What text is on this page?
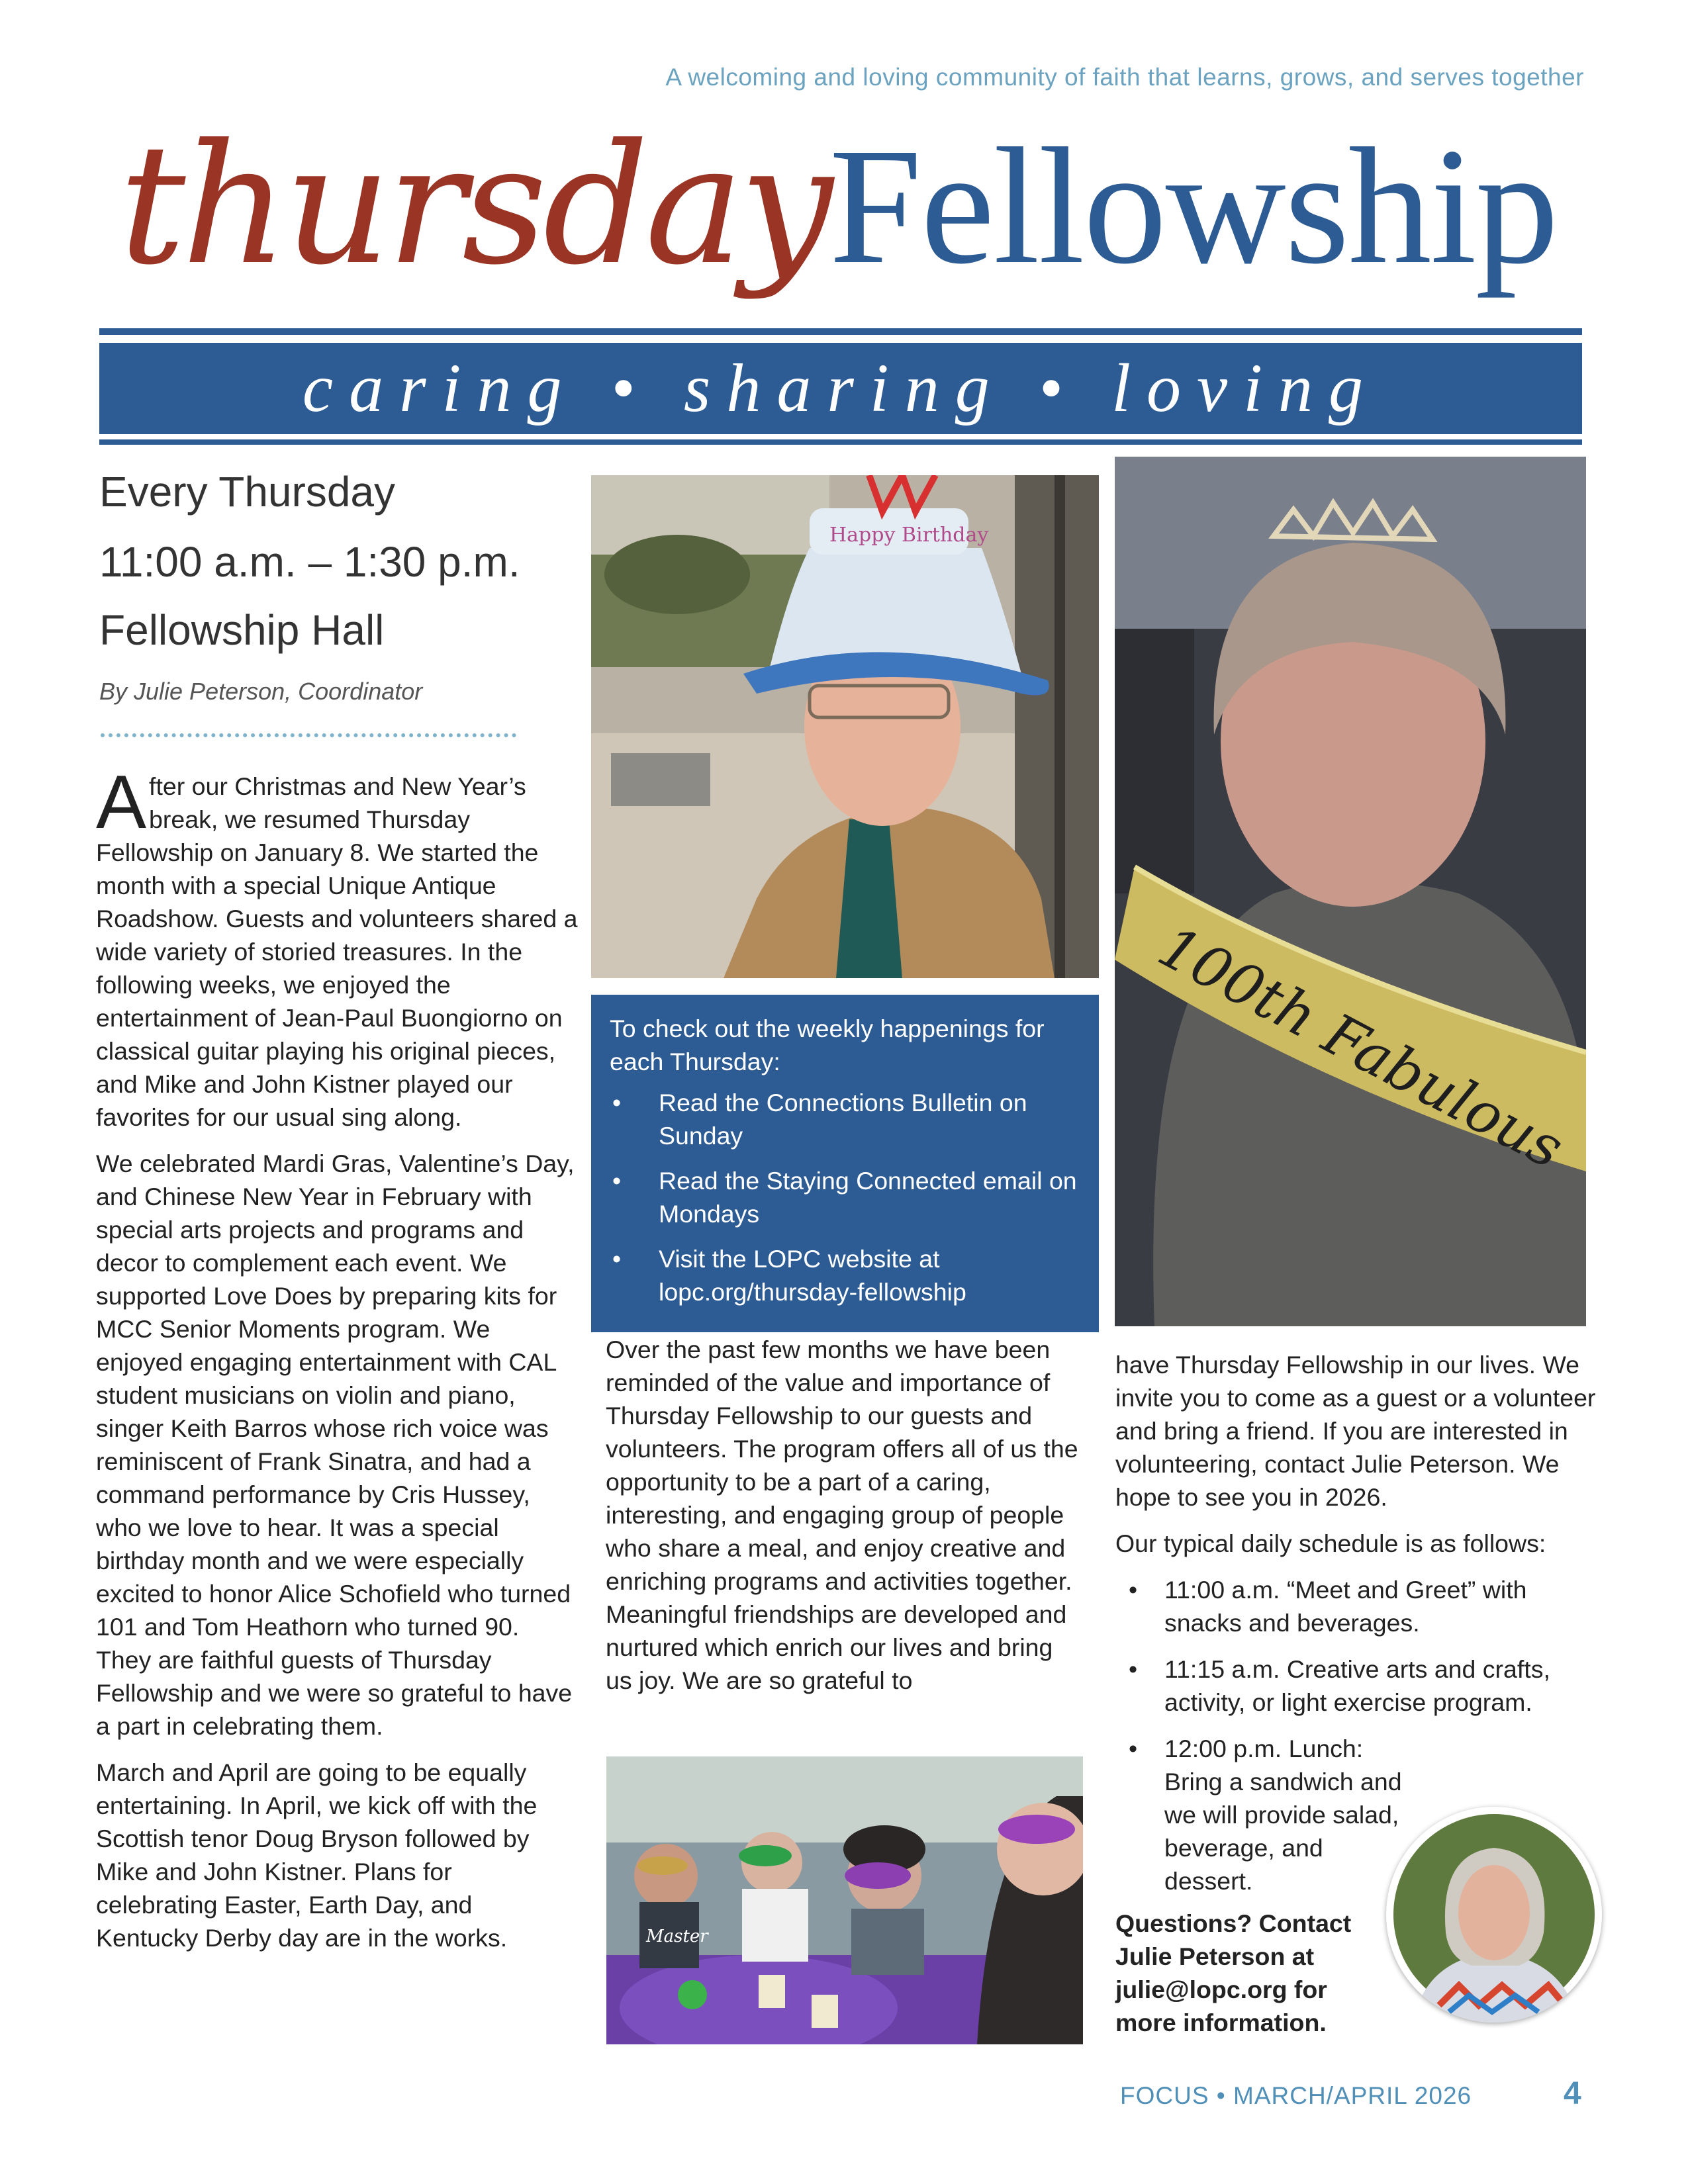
A welcoming and loving community of faith that learns, grows, and serves together
thursdayFellowship
caring • sharing • loving
Every Thursday
11:00 a.m. – 1:30 p.m.
Fellowship Hall
By Julie Peterson, Coordinator

After our Christmas and New Year’s break, we resumed Thursday Fellowship on January 8. We started the month with a special Unique Antique Roadshow. Guests and volunteers shared a wide variety of storied treasures. In the following weeks, we enjoyed the entertainment of Jean-Paul Buongiorno on classical guitar playing his original pieces, and Mike and John Kistner played our favorites for our usual sing along.

We celebrated Mardi Gras, Valentine’s Day, and Chinese New Year in February with special arts projects and programs and decor to complement each event. We supported Love Does by preparing kits for MCC Senior Moments program. We enjoyed engaging entertainment with CAL student musicians on violin and piano, singer Keith Barros whose rich voice was reminiscent of Frank Sinatra, and had a command performance by Cris Hussey, who we love to hear. It was a special birthday month and we were especially excited to honor Alice Schofield who turned 101 and Tom Heathorn who turned 90. They are faithful guests of Thursday Fellowship and we were so grateful to have a part in celebrating them.

March and April are going to be equally entertaining. In April, we kick off with the Scottish tenor Doug Bryson followed by Mike and John Kistner. Plans for celebrating Easter, Earth Day, and Kentucky Derby day are in the works.

Happy Birthday
100th Fabulous
To check out the weekly happenings for each Thursday:
• Read the Connections Bulletin on Sunday
• Read the Staying Connected email on Mondays
• Visit the LOPC website at lopc.org/thursday-fellowship

Over the past few months we have been reminded of the value and importance of Thursday Fellowship to our guests and volunteers. The program offers all of us the opportunity to be a part of a caring, interesting, and engaging group of people who share a meal, and enjoy creative and enriching programs and activities together. Meaningful friendships are developed and nurtured which enrich our lives and bring us joy. We are so grateful to

Master

have Thursday Fellowship in our lives. We invite you to come as a guest or a volunteer and bring a friend. If you are interested in volunteering, contact Julie Peterson. We hope to see you in 2026.

Our typical daily schedule is as follows:

• 11:00 a.m. “Meet and Greet” with snacks and beverages.
• 11:15 a.m. Creative arts and crafts, activity, or light exercise program.
• 12:00 p.m. Lunch: Bring a sandwich and we will provide salad, beverage, and dessert.
Questions? Contact Julie Peterson at julie@lopc.org for more information.
FOCUS • MARCH/APRIL 2026	4
